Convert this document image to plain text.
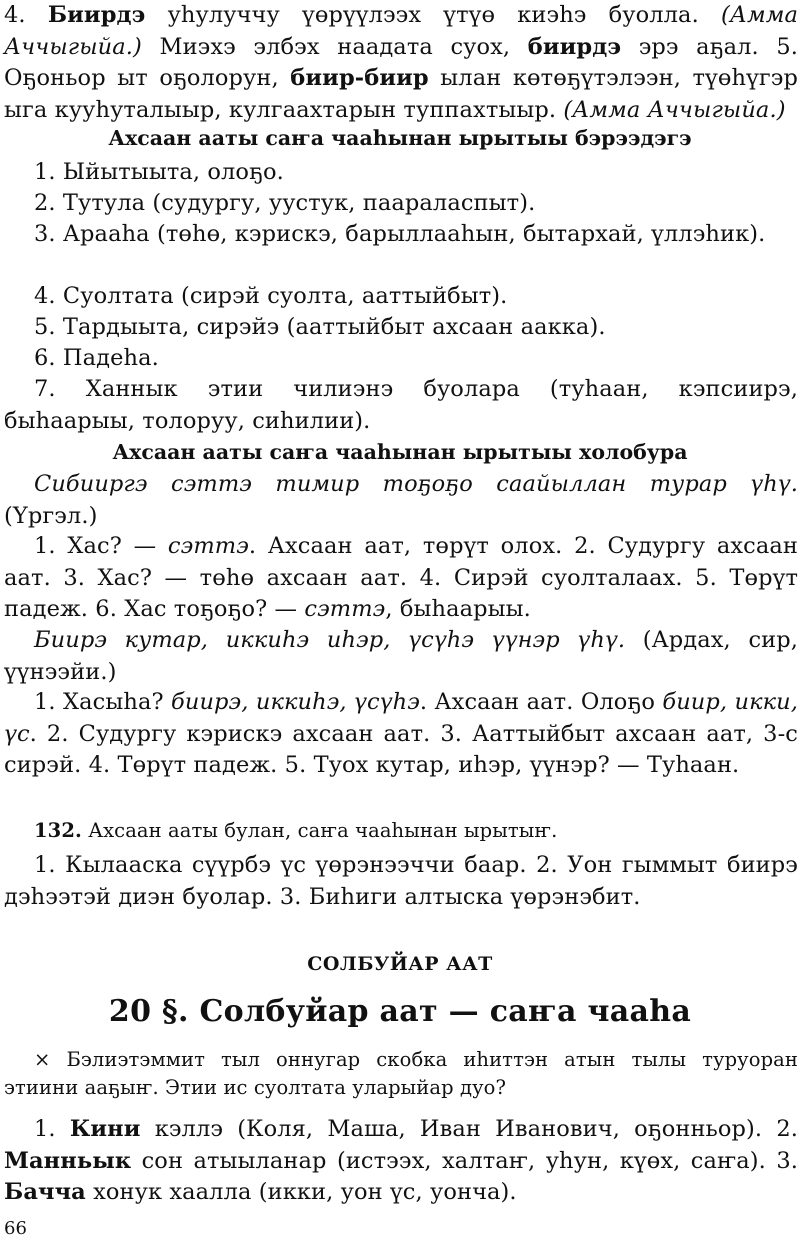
4. Биирдэ уһулуччу үөрүүлээх үтүө киэһэ буолла. (Амма Аччыгыйа.) Миэхэ элбэх наадата суох, биирдэ эрэ аҕал. 5. Оҕоньор ыт оҕолорун, биир-биир ылан көтөҕүтэлээн, түөһүгэр ыга кууһуталыыр, кулгаахтарын туппахтыыр. (Амма Аччыгыйа.)
Ахсаан ааты саҥа чааһынан ырытыы бэрээдэгэ
1. Ыйытыыта, олоҕо.
2. Тутула (судургу, уустук, паараласпыт).
3. Арааһа (төһө, кэрискэ, барыллааһын, бытархай, үллэһик).
4. Суолтата (сирэй суолта, ааттыйбыт).
5. Тардыыта, сирэйэ (ааттыйбыт ахсаан аакка).
6. Падеһа.
7. Ханнык этии чилиэнэ буолара (туһаан, кэпсиирэ, быһаарыы, толоруу, сиһилии).
Ахсаан ааты саҥа чааһынан ырытыы холобура
Сибииргэ сэттэ тимир тоҕоҕо саайыллан турар үһү. (Үргэл.)
1. Хас? — сэттэ. Ахсаан аат, төрүт олох. 2. Судургу ахсаан аат. 3. Хас? — төһө ахсаан аат. 4. Сирэй суолталаах. 5. Төрүт падеж. 6. Хас тоҕоҕо? — сэттэ, быһаарыы.
Биирэ кутар, иккиһэ иһэр, үсүһэ үүнэр үһү. (Ардах, сир, үүнээйи.)
1. Хасыһа? биирэ, иккиһэ, үсүһэ. Ахсаан аат. Олоҕо биир, икки, үс. 2. Судургу кэрискэ ахсаан аат. 3. Ааттыйбыт ахсаан аат, 3-с сирэй. 4. Төрүт падеж. 5. Туох кутар, иһэр, үүнэр? — Туһаан.
132. Ахсаан ааты булан, саҥа чааһынан ырытыҥ.
1. Кылааска сүүрбэ үс үөрэнээччи баар. 2. Уон гыммыт биирэ дэһээтэй диэн буолар. 3. Биһиги алтыска үөрэнэбит.
СОЛБУЙАР ААТ
20 §. Солбуйар аат — саҥа чааһа
× Бэлиэтэммит тыл оннугар скобка иһиттэн атын тылы туруоран этиини ааҕыҥ. Этии ис суолтата уларыйар дуо?
1. Кини кэллэ (Коля, Маша, Иван Иванович, оҕонньор). 2. Манньык сон атыыланар (истээх, халтаҥ, уһун, күөх, саҥа). 3. Бачча хонук хаалла (икки, уон үс, уонча).
66
